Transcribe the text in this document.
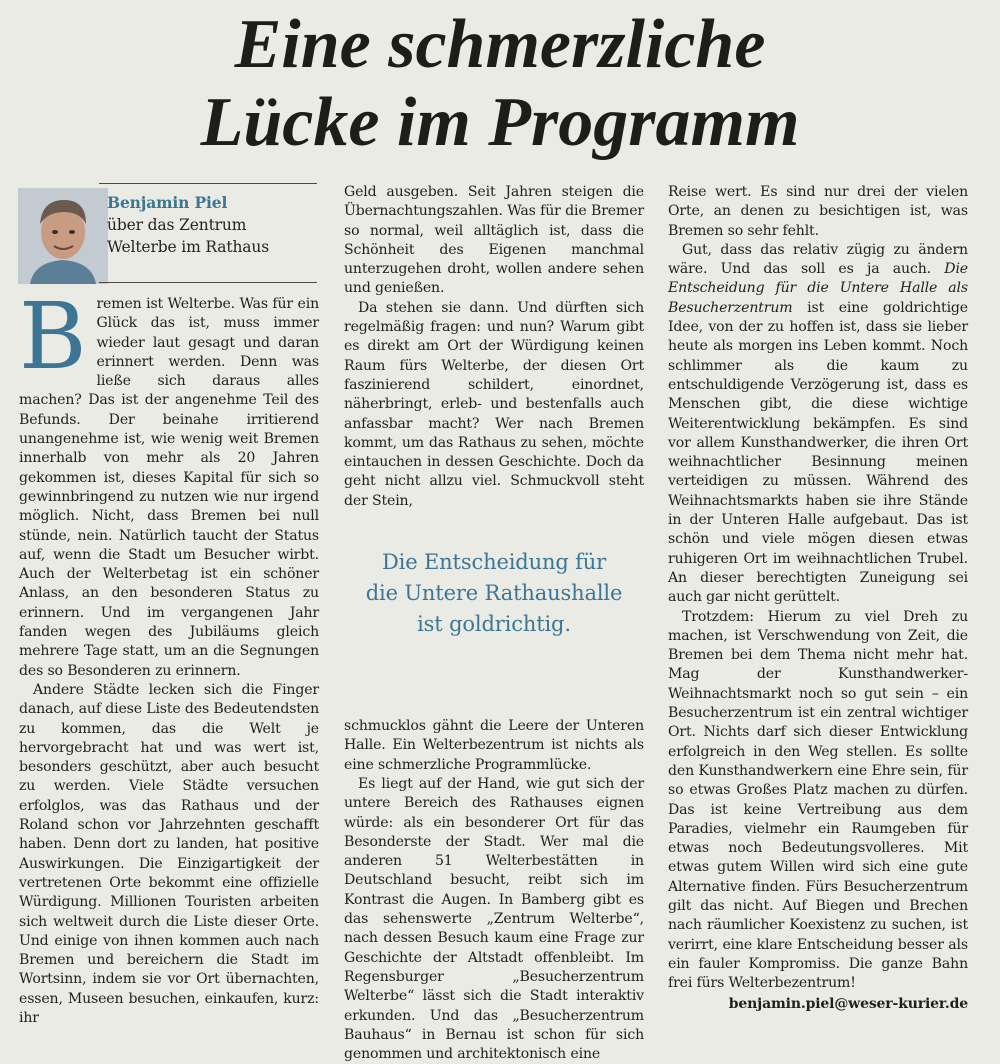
Eine schmerzliche
Lücke im Programm
Benjamin Piel
über das Zentrum
Welterbe im Rathaus
B remen ist Welterbe. Was für ein Glück das ist, muss immer wieder laut gesagt und daran erinnert werden. Denn was ließe sich daraus alles machen? Das ist der angenehme Teil des Befunds. Der beinahe irritierend unangenehme ist, wie wenig weit Bremen innerhalb von mehr als 20 Jahren gekommen ist, dieses Kapital für sich so gewinnbringend zu nutzen wie nur irgend möglich. Nicht, dass Bremen bei null stünde, nein. Natürlich taucht der Status auf, wenn die Stadt um Besucher wirbt. Auch der Welterbetag ist ein schöner Anlass, an den besonderen Status zu erinnern. Und im vergangenen Jahr fanden wegen des Jubiläums gleich mehrere Tage statt, um an die Segnungen des so Besonderen zu erinnern.

Andere Städte lecken sich die Finger danach, auf diese Liste des Bedeutendsten zu kommen, das die Welt je hervorgebracht hat und was wert ist, besonders geschützt, aber auch besucht zu werden. Viele Städte versuchen erfolglos, was das Rathaus und der Roland schon vor Jahrzehnten geschafft haben. Denn dort zu landen, hat positive Auswirkungen. Die Einzigartigkeit der vertretenen Orte bekommt eine offizielle Würdigung. Millionen Touristen arbeiten sich weltweit durch die Liste dieser Orte. Und einige von ihnen kommen auch nach Bremen und bereichern die Stadt im Wortsinn, indem sie vor Ort übernachten, essen, Museen besuchen, einkaufen, kurz: ihr

Geld ausgeben. Seit Jahren steigen die Übernachtungszahlen. Was für die Bremer so normal, weil alltäglich ist, dass die Schönheit des Eigenen manchmal unterzugehen droht, wollen andere sehen und genießen.

Da stehen sie dann. Und dürften sich regelmäßig fragen: und nun? Warum gibt es direkt am Ort der Würdigung keinen Raum fürs Welterbe, der diesen Ort faszinierend schildert, einordnet, näherbringt, erleb- und bestenfalls auch anfassbar macht? Wer nach Bremen kommt, um das Rathaus zu sehen, möchte eintauchen in dessen Geschichte. Doch da geht nicht allzu viel. Schmuckvoll steht der Stein,

Die Entscheidung für
die Untere Rathaushalle
ist goldrichtig.

schmucklos gähnt die Leere der Unteren Halle. Ein Welterbezentrum ist nichts als eine schmerzliche Programmlücke.

Es liegt auf der Hand, wie gut sich der untere Bereich des Rathauses eignen würde: als ein besonderer Ort für das Besonderste der Stadt. Wer mal die anderen 51 Welterbestätten in Deutschland besucht, reibt sich im Kontrast die Augen. In Bamberg gibt es das sehenswerte „Zentrum Welterbe“, nach dessen Besuch kaum eine Frage zur Geschichte der Altstadt offenbleibt. Im Regensburger „Besucherzentrum Welterbe“ lässt sich die Stadt interaktiv erkunden. Und das „Besucherzentrum Bauhaus“ in Bernau ist schon für sich genommen und architektonisch eine

Reise wert. Es sind nur drei der vielen Orte, an denen zu besichtigen ist, was Bremen so sehr fehlt.

Gut, dass das relativ zügig zu ändern wäre. Und das soll es ja auch. Die Entscheidung für die Untere Halle als Besucherzentrum ist eine goldrichtige Idee, von der zu hoffen ist, dass sie lieber heute als morgen ins Leben kommt. Noch schlimmer als die kaum zu entschuldigende Verzögerung ist, dass es Menschen gibt, die diese wichtige Weiterentwicklung bekämpfen. Es sind vor allem Kunsthandwerker, die ihren Ort weihnachtlicher Besinnung meinen verteidigen zu müssen. Während des Weihnachtsmarkts haben sie ihre Stände in der Unteren Halle aufgebaut. Das ist schön und viele mögen diesen etwas ruhigeren Ort im weihnachtlichen Trubel. An dieser berechtigten Zuneigung sei auch gar nicht gerüttelt.

Trotzdem: Hierum zu viel Dreh zu machen, ist Verschwendung von Zeit, die Bremen bei dem Thema nicht mehr hat. Mag der Kunsthandwerker-Weihnachtsmarkt noch so gut sein – ein Besucherzentrum ist ein zentral wichtiger Ort. Nichts darf sich dieser Entwicklung erfolgreich in den Weg stellen. Es sollte den Kunsthandwerkern eine Ehre sein, für so etwas Großes Platz machen zu dürfen. Das ist keine Vertreibung aus dem Paradies, vielmehr ein Raumgeben für etwas noch Bedeutungsvolleres. Mit etwas gutem Willen wird sich eine gute Alternative finden. Fürs Besucherzentrum gilt das nicht. Auf Biegen und Brechen nach räumlicher Koexistenz zu suchen, ist verirrt, eine klare Entscheidung besser als ein fauler Kompromiss. Die ganze Bahn frei fürs Welterbezentrum!

benjamin.piel@weser-kurier.de
